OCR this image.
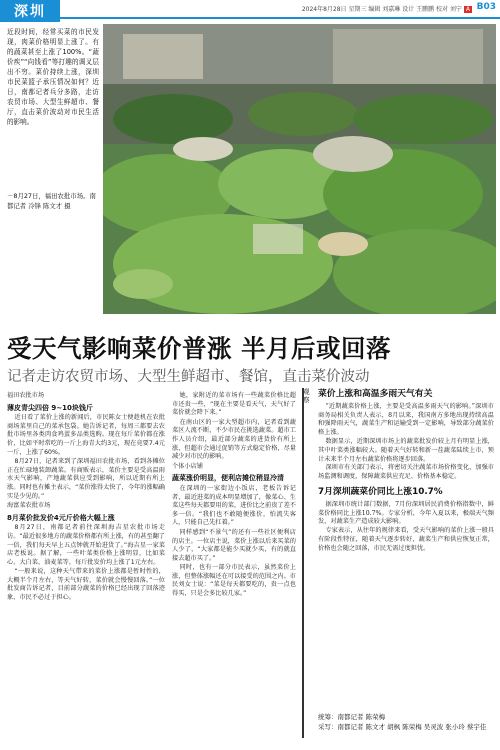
深圳	2024年8月28日 星期三 编辑 刘嘉琳 设计 王鹏鹏 校对 刘宁 A B03
近段时间，经常买菜的市民发现，肉菜价格明显上涨了。有的蔬菜甚至上涨了100%。“蔬价疾”“向钱看”等打趣的调叉层出不穷。菜价持续上涨，深圳市民菜篮子承压情况如何？近日，南都记者兵分多路，走访农贸市场、大型生鲜超市、餐厅，直击菜价波动对市民生活的影响。
－8月27日，福田农批市场。南都记者 冷锋 陈文才 摄
受天气影响菜价普涨 半月后或回落
记者走访农贸市场、大型生鲜超市、餐馆，直击菜价波动

福田农批市场

薄皮青尖四倍 9~10块钱斤

近日看了菜价上涨的新闻后，市民陈女士便趁机在农批商场菜里自己的菜承包袋。她告诉记者，每周三都要去农批市场里各类肉食鸡蛋多品类选购。现在每斤菜价都在涨价，比如平时常吃的一斤上海青大约3元，现在竟要7.4元一斤，上涨了60%。

8月27日，记者来到了深圳福田农批市场，看到各摊位正在忙碌地装卸蔬菜。有商贩表示，菜价主要是受高温雨水天气影响，产地蔬菜供应受到影响，所以近期有所上涨。同时也有摊主表示，“菜价涨得太快了，今年的涨幅确实是少见的。”

海富菜农批市场

8月菜价批发价4元斤价格大幅上涨

8月27日，南都记者前往深圳海吉星农批市场走访。“最近很多地方的蔬菜价格都有所上涨，有的甚至翻了一倍，我们每天早上五点钟就开始进货了。”海吉星一家菜店老板说。据了解，一些叶菜类价格上涨明显，比如菜心、大白菜、油麦菜等，每斤批发价均上涨了1元左右。

“一般来说，这种天气带来的菜价上涨都是暂时性的，大概半个月左右，等天气好转，菜价就会慢慢回落。”一位批发商告诉记者，目前部分蔬菜的价格已经出现了回落迹象，市民不必过于担心。

她，家附近的菜市场有一些蔬菜价格比超市还贵一些，“现在主要是看天气，天气好了菜价就会降下来。”

在南山区的一家大型超市内，记者看到蔬菜区人流不断，不少市民在挑选蔬菜。超市工作人员介绍，最近部分蔬菜的进货价有所上涨，但超市会通过促销等方式稳定价格，尽量减少对市民的影响。

个体小店铺

蔬菜涨价明显，便利店摊位稍显冷清

在深圳的一家街边小饭店，老板告诉记者，最近进菜的成本明显增加了，像菜心、生菜这些每天都要用的菜，进价比之前贵了差不多一倍。“我们也不敢随便涨价，怕流失客人，只能自己先扛着。”

同样感到“不景气”的还有一些社区便利店的店主。一位店主说，菜价上涨以后来买菜的人少了，“大家都是能少买就少买，有的就直接去超市买了。”

同时，也有一部分市民表示，虽然菜价上涨，但整体涨幅还在可以接受的范围之内。市民刘女士说：“菜是每天都要吃的，贵一点也得买，只是会多比较几家。”

观察
菜价上涨和高温多雨天气有关

“近期蔬菜价格上涨，主要是受高温多雨天气的影响。”深圳市商务局相关负责人表示，8月以来，我国南方多地出现持续高温和强降雨天气，蔬菜生产和运输受到一定影响，导致部分蔬菜价格上涨。

数据显示，近期深圳市场上的蔬菜批发价较上月有明显上涨，其中叶菜类涨幅较大。随着天气好转和新一茬蔬菜陆续上市，预计未来半个月左右蔬菜价格将逐步回落。

深圳市有关部门表示，将密切关注蔬菜市场价格变化，加强市场监测和调度，保障蔬菜供应充足、价格基本稳定。

7月深圳蔬菜价同比上涨10.7%

据深圳市统计部门数据，7月份深圳居民消费价格指数中，鲜菜价格同比上涨10.7%。专家分析，今年入夏以来，极端天气频发，对蔬菜生产造成较大影响。

专家表示，从往年的规律来看，受天气影响的菜价上涨一般具有阶段性特征，随着天气逐步转好，蔬菜生产和供应恢复正常，价格也会随之回落，市民无需过度担忧。

统筹：南都记者 陈荣梅
采写：南都记者 陈文才 胡枫 陈荣梅 吴灵波 张小玲 蔡宇佳
